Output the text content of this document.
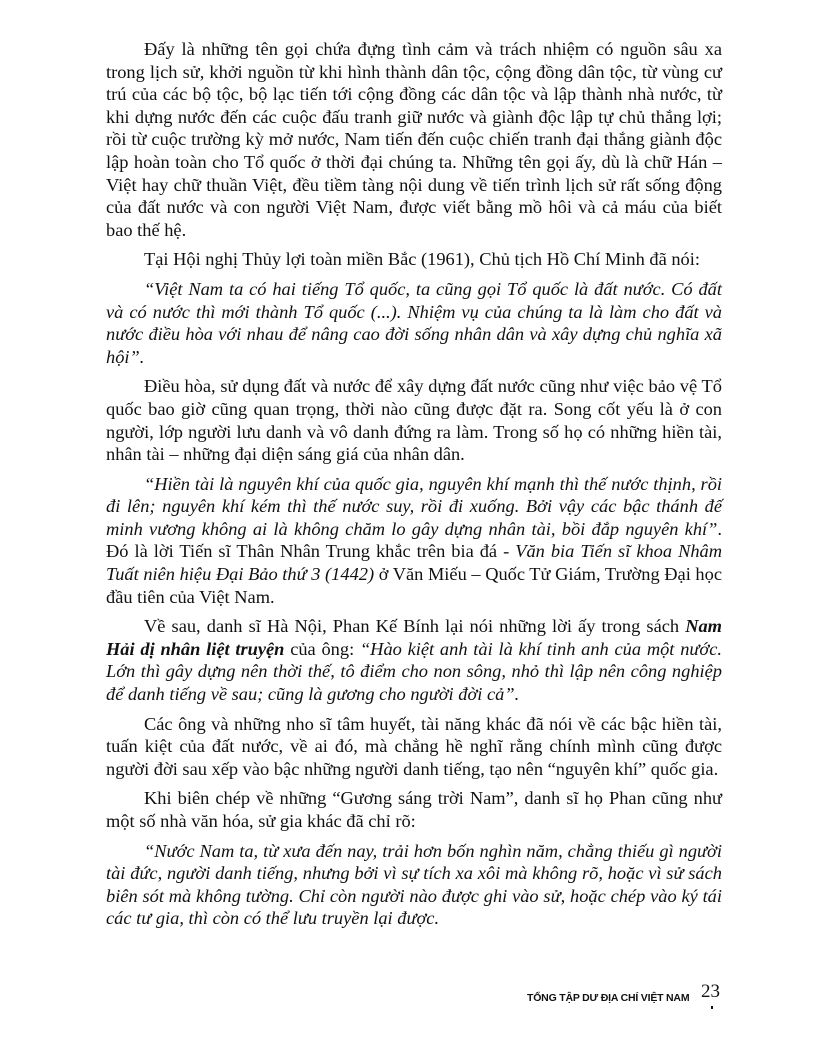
Đấy là những tên gọi chứa đựng tình cảm và trách nhiệm có nguồn sâu xa trong lịch sử, khởi nguồn từ khi hình thành dân tộc, cộng đồng dân tộc, từ vùng cư trú của các bộ tộc, bộ lạc tiến tới cộng đồng các dân tộc và lập thành nhà nước, từ khi dựng nước đến các cuộc đấu tranh giữ nước và giành độc lập tự chủ thắng lợi; rồi từ cuộc trường kỳ mở nước, Nam tiến đến cuộc chiến tranh đại thắng giành độc lập hoàn toàn cho Tổ quốc ở thời đại chúng ta. Những tên gọi ấy, dù là chữ Hán – Việt hay chữ thuần Việt, đều tiềm tàng nội dung về tiến trình lịch sử rất sống động của đất nước và con người Việt Nam, được viết bằng mồ hôi và cả máu của biết bao thế hệ.

Tại Hội nghị Thủy lợi toàn miền Bắc (1961), Chủ tịch Hồ Chí Minh đã nói:

“Việt Nam ta có hai tiếng Tổ quốc, ta cũng gọi Tổ quốc là đất nước. Có đất và có nước thì mới thành Tổ quốc (...). Nhiệm vụ của chúng ta là làm cho đất và nước điều hòa với nhau để nâng cao đời sống nhân dân và xây dựng chủ nghĩa xã hội”.

Điều hòa, sử dụng đất và nước để xây dựng đất nước cũng như việc bảo vệ Tổ quốc bao giờ cũng quan trọng, thời nào cũng được đặt ra. Song cốt yếu là ở con người, lớp người lưu danh và vô danh đứng ra làm. Trong số họ có những hiền tài, nhân tài – những đại diện sáng giá của nhân dân.

“Hiền tài là nguyên khí của quốc gia, nguyên khí mạnh thì thế nước thịnh, rồi đi lên; nguyên khí kém thì thế nước suy, rồi đi xuống. Bởi vậy các bậc thánh đế minh vương không ai là không chăm lo gây dựng nhân tài, bồi đắp nguyên khí”. Đó là lời Tiến sĩ Thân Nhân Trung khắc trên bia đá - Văn bia Tiến sĩ khoa Nhâm Tuất niên hiệu Đại Bảo thứ 3 (1442) ở Văn Miếu – Quốc Tử Giám, Trường Đại học đầu tiên của Việt Nam.

Về sau, danh sĩ Hà Nội, Phan Kế Bính lại nói những lời ấy trong sách Nam Hải dị nhân liệt truyện của ông: “Hào kiệt anh tài là khí tinh anh của một nước. Lớn thì gây dựng nên thời thế, tô điểm cho non sông, nhỏ thì lập nên công nghiệp để danh tiếng về sau; cũng là gương cho người đời cả”.

Các ông và những nho sĩ tâm huyết, tài năng khác đã nói về các bậc hiền tài, tuấn kiệt của đất nước, về ai đó, mà chẳng hề nghĩ rằng chính mình cũng được người đời sau xếp vào bậc những người danh tiếng, tạo nên “nguyên khí” quốc gia.

Khi biên chép về những “Gương sáng trời Nam”, danh sĩ họ Phan cũng như một số nhà văn hóa, sử gia khác đã chỉ rõ:

“Nước Nam ta, từ xưa đến nay, trải hơn bốn nghìn năm, chẳng thiếu gì người tài đức, người danh tiếng, nhưng bởi vì sự tích xa xôi mà không rõ, hoặc vì sử sách biên sót mà không tường. Chỉ còn người nào được ghi vào sử, hoặc chép vào ký tái các tư gia, thì còn có thể lưu truyền lại được.

TỔNG TẬP DƯ ĐỊA CHÍ VIỆT NAM 23
